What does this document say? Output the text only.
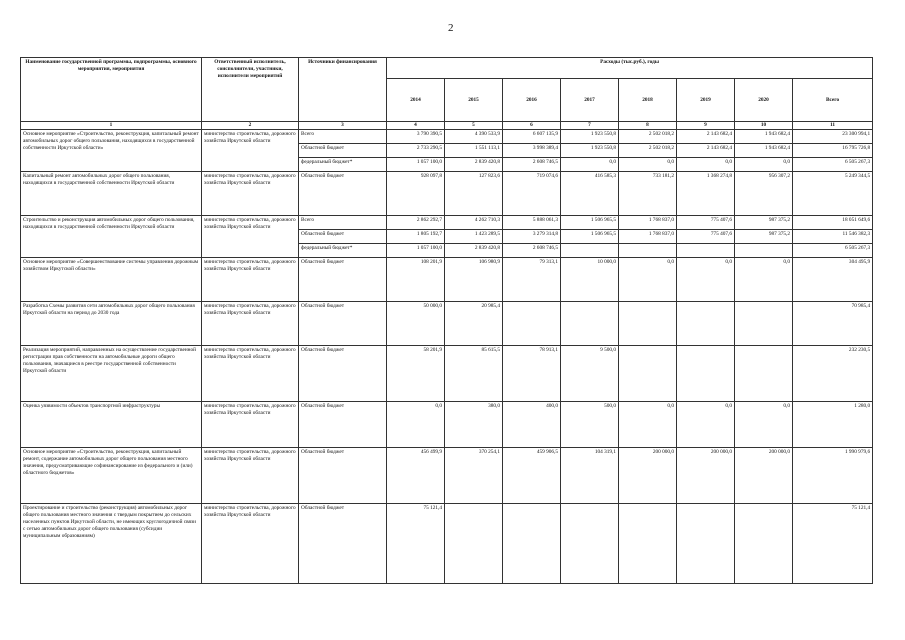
2
Наименование государственной программы, подпрограммы, основного мероприятия, мероприятия	Ответственный исполнитель, соисполнители, участники, исполнители мероприятий	Источники финансирования	Расходы (тыс.руб.), годы							
			2014	2015	2016	2017	2018	2019	2020	Всего
1	2	3	4	5	6	7	8	9	10	11
Основное мероприятие «Строительство, реконструкция, капитальный ремонт автомобильных дорог общего пользования, находящихся в государственной собственности Иркутской области»	министерство строительства, дорожного хозяйства Иркутской области	Всего	3 790 390,5	4 390 533,9	6 607 135,9	1 923 550,8	2 502 018,2	2 143 682,4	1 943 682,4	23 300 994,1
		Областной бюджет	2 733 290,5	1 551 113,1	3 998 389,4	1 923 550,8	2 502 018,2	2 143 682,4	1 943 682,4	16 795 726,8
		федеральный бюджет*	1 057 100,0	2 839 420,8	2 608 746,5	0,0	0,0	0,0	0,0	6 505 267,3
Капитальный ремонт автомобильных дорог общего пользования, находящихся в государственной собственности Иркутской области	министерство строительства, дорожного хозяйства Иркутской области	Областной бюджет	928 097,8	127 823,6	719 074,6	416 585,3	733 181,2	1 368 274,8	956 307,2	5 249 344,5
Строительство и реконструкция автомобильных дорог общего пользования, находящихся в государственной собственности Иркутской области	министерство строительства, дорожного хозяйства Иркутской области	Всего	2 862 292,7	4 262 710,3	5 888 061,3	1 506 965,5	1 768 837,0	775 407,6	987 375,2	18 051 649,6
		Областной бюджет	1 805 192,7	1 423 289,5	3 279 314,8	1 506 965,5	1 768 837,0	775 407,6	987 375,2	11 546 382,3
		федеральный бюджет*	1 057 100,0	2 839 420,8	2 608 746,5					6 505 267,3
Основное мероприятие «Совершенствование системы управления дорожным хозяйством Иркутской области»	министерство строительства, дорожного хозяйства Иркутской области	Областной бюджет	108 201,9	106 980,9	79 313,1	10 000,0	0,0	0,0	0,0	304 495,9
Разработка Схемы развития сети автомобильных дорог общего пользования Иркутской области на период до 2030 года	министерство строительства, дорожного хозяйства Иркутской области	Областной бюджет	50 000,0	20 985,4						70 985,4
Реализация мероприятий, направленных на осуществление государственной регистрации прав собственности на автомобильные дороги общего пользования, значащиеся в реестре государственной собственности Иркутской области	министерство строительства, дорожного хозяйства Иркутской области	Областной бюджет	58 201,9	85 615,5	78 913,1	9 500,0				232 230,5
Оценка уязвимости объектов транспортной инфраструктуры	министерство строительства, дорожного хозяйства Иркутской области	Областной бюджет	0,0	380,0	400,0	500,0	0,0	0,0	0,0	1 280,0
Основное мероприятие «Строительство, реконструкция, капитальный ремонт, содержание автомобильных дорог общего пользования местного значения, предусматривающие софинансирование из федерального и (или) областного бюджетов»	министерство строительства, дорожного хозяйства Иркутской области	Областной бюджет	456 499,9	370 254,1	459 906,5	104 319,1	200 000,0	200 000,0	200 000,0	1 990 979,6
Проектирование и строительство (реконструкция) автомобильных дорог общего пользования местного значения с твердым покрытием до сельских населенных пунктов Иркутской области, не имеющих круглогодичной связи с сетью автомобильных дорог общего пользования (субсидии муниципальным образованиям)	министерство строительства, дорожного хозяйства Иркутской области	Областной бюджет	75 121,4							75 121,4
